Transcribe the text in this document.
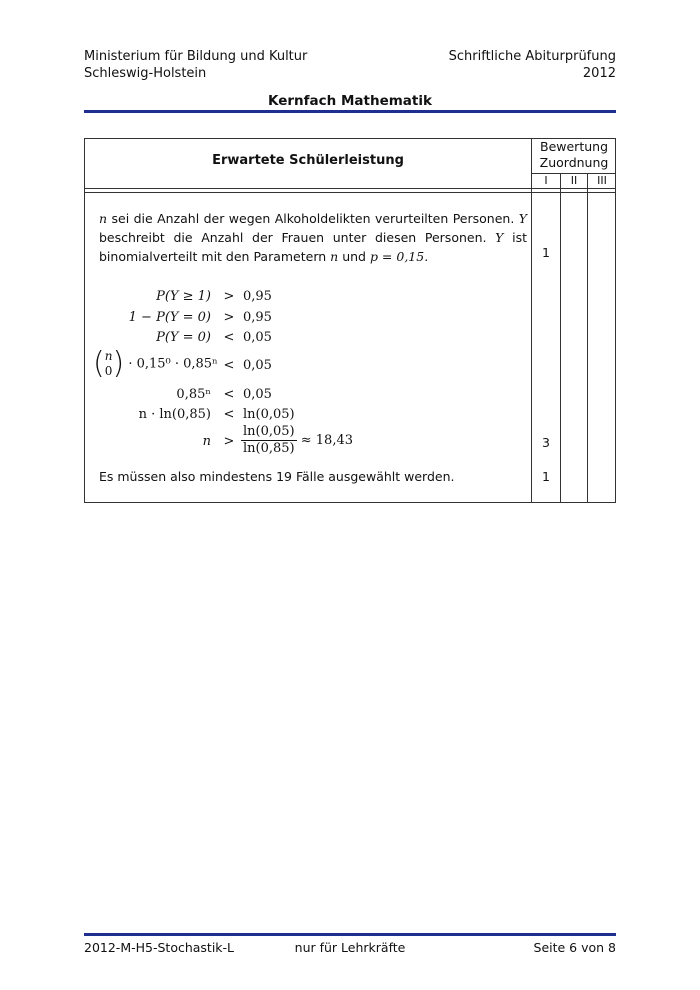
Ministerium für Bildung und Kultur
Schleswig-Holstein
Schriftliche Abiturprüfung
2012
Kernfach Mathematik
Erwartete Schülerleistung
Bewertung
Zuordnung
I	II	III
n sei die Anzahl der wegen Alkoholdelikten verurteilten Personen. Y beschreibt die Anzahl der Frauen unter diesen Personen. Y ist binomialverteilt mit den Parametern n und p = 0,15.	1
P(Y ≥ 1) > 0,95
1 − P(Y = 0) > 0,95
P(Y = 0) < 0,05
(n
0) · 0,15⁰ · 0,85ⁿ < 0,05
0,85ⁿ < 0,05
n · ln(0,85) < ln(0,05)
$n > \frac{\ln(0,05)}{\ln(0,85)} \approx 18,43$	3
Es müssen also mindestens 19 Fälle ausgewählt werden.	1
2012-M-H5-Stochastik-L	nur für Lehrkräfte	Seite 6 von 8
